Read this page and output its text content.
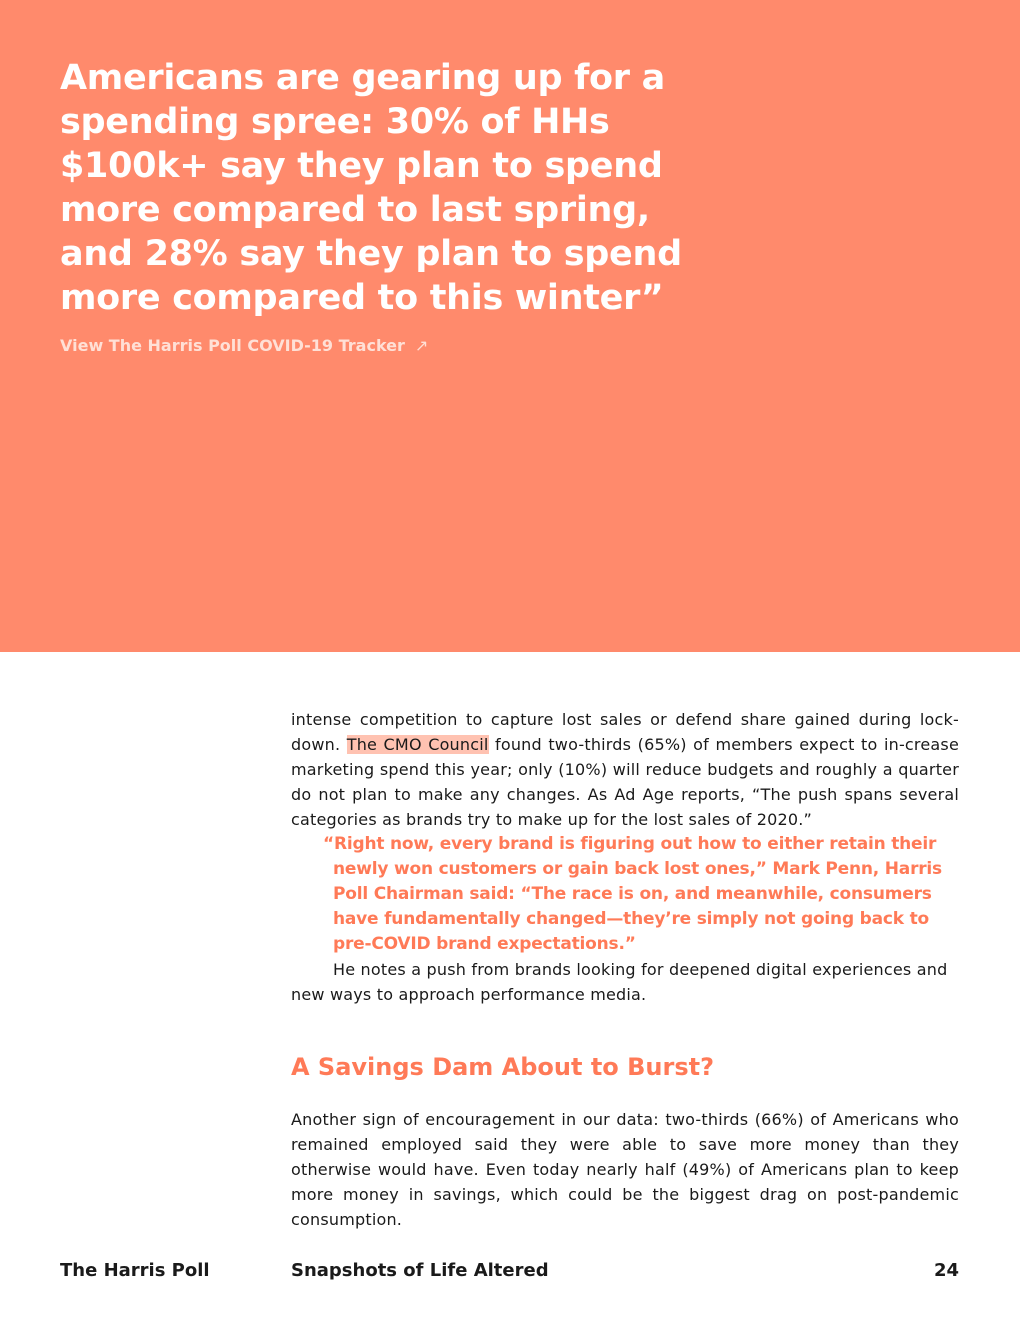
Americans are gearing up for a spending spree: 30% of HHs $100k+ say they plan to spend more compared to last spring, and 28% say they plan to spend more compared to this winter”
View The Harris Poll COVID-19 Tracker ↗

intense competition to capture lost sales or defend share gained during lock-down. The CMO Council found two-thirds (65%) of members expect to in-crease marketing spend this year; only (10%) will reduce budgets and roughly a quarter do not plan to make any changes. As Ad Age reports, “The push spans several categories as brands try to make up for the lost sales of 2020.”

“Right now, every brand is figuring out how to either retain their newly won customers or gain back lost ones,” Mark Penn, Harris Poll Chairman said: “The race is on, and meanwhile, consumers have fundamentally changed—they’re simply not going back to pre-COVID brand expectations.”

He notes a push from brands looking for deepened digital experiences and new ways to approach performance media.

A Savings Dam About to Burst?

Another sign of encouragement in our data: two-thirds (66%) of Americans who remained employed said they were able to save more money than they otherwise would have. Even today nearly half (49%) of Americans plan to keep more money in savings, which could be the biggest drag on post-pandemic consumption.

The Harris Poll	Snapshots of Life Altered	24
